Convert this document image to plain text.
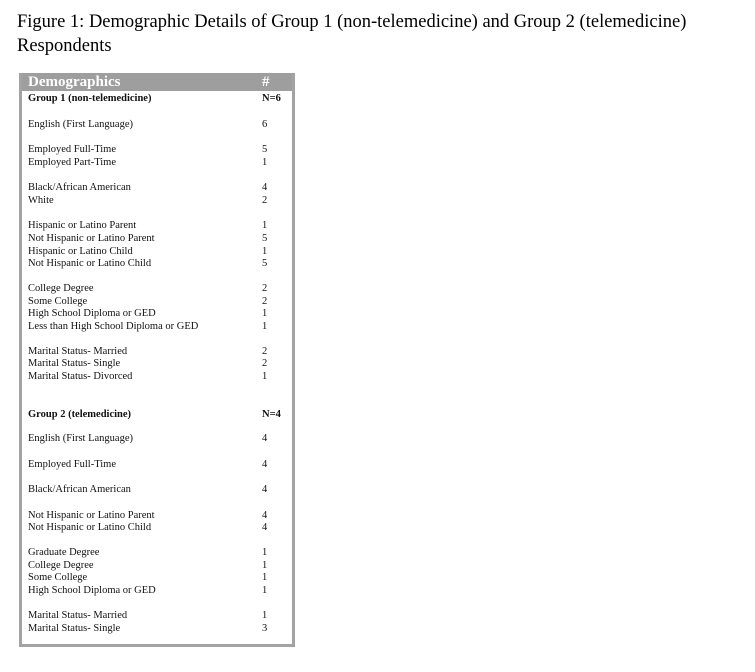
Figure 1: Demographic Details of Group 1 (non-telemedicine) and Group 2 (telemedicine) Respondents
Demographics	#
Group 1 (non-telemedicine)	N=6
English (First Language)	6
Employed Full-Time	5
Employed Part-Time	1
Black/African American	4
White	2
Hispanic or Latino Parent	1
Not Hispanic or Latino Parent	5
Hispanic or Latino Child	1
Not Hispanic or Latino Child	5
College Degree	2
Some College	2
High School Diploma or GED	1
Less than High School Diploma or GED	1
Marital Status- Married	2
Marital Status- Single	2
Marital Status- Divorced	1
Group 2 (telemedicine)	N=4
English (First Language)	4
Employed Full-Time	4
Black/African American	4
Not Hispanic or Latino Parent	4
Not Hispanic or Latino Child	4
Graduate Degree	1
College Degree	1
Some College	1
High School Diploma or GED	1
Marital Status- Married	1
Marital Status- Single	3
